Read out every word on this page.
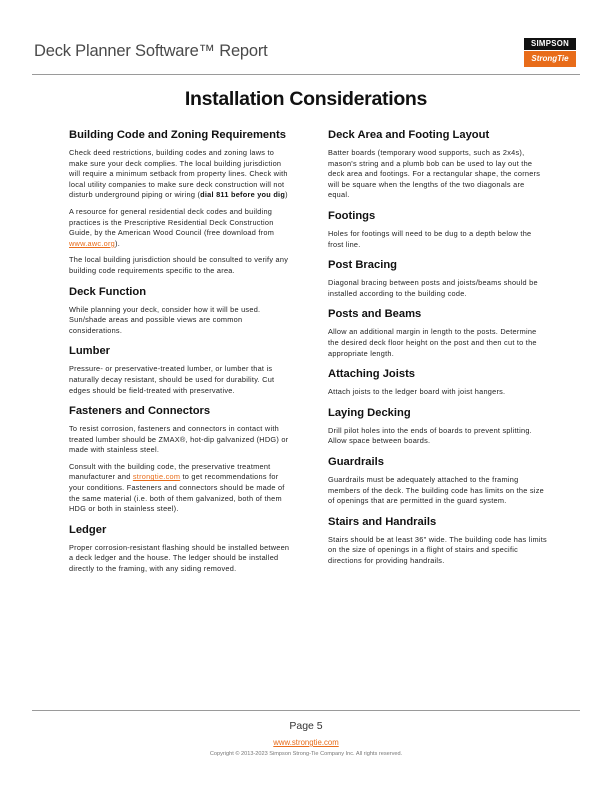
Deck Planner Software™ Report	SIMPSON
StrongTie
Installation Considerations
Building Code and Zoning Requirements

Check deed restrictions, building codes and zoning laws to make sure your deck complies. The local building jurisdiction will require a minimum setback from property lines. Check with local utility companies to make sure deck construction will not disturb underground piping or wiring (dial 811 before you dig)

A resource for general residential deck codes and building practices is the Prescriptive Residential Deck Construction Guide, by the American Wood Council (free download from www.awc.org).

The local building jurisdiction should be consulted to verify any building code requirements specific to the area.

Deck Function

While planning your deck, consider how it will be used. Sun/shade areas and possible views are common considerations.

Lumber

Pressure- or preservative-treated lumber, or lumber that is naturally decay resistant, should be used for durability. Cut edges should be field-treated with preservative.

Fasteners and Connectors

To resist corrosion, fasteners and connectors in contact with treated lumber should be ZMAX®, hot-dip galvanized (HDG) or made with stainless steel.

Consult with the building code, the preservative treatment manufacturer and strongtie.com to get recommendations for your conditions. Fasteners and connectors should be made of the same material (i.e. both of them galvanized, both of them HDG or both in stainless steel).

Ledger

Proper corrosion-resistant flashing should be installed between a deck ledger and the house. The ledger should be installed directly to the framing, with any siding removed.

Deck Area and Footing Layout

Batter boards (temporary wood supports, such as 2x4s), mason's string and a plumb bob can be used to lay out the deck area and footings. For a rectangular shape, the corners will be square when the lengths of the two diagonals are equal.

Footings

Holes for footings will need to be dug to a depth below the frost line.

Post Bracing

Diagonal bracing between posts and joists/beams should be installed according to the building code.

Posts and Beams

Allow an additional margin in length to the posts. Determine the desired deck floor height on the post and then cut to the appropriate length.

Attaching Joists

Attach joists to the ledger board with joist hangers.

Laying Decking

Drill pilot holes into the ends of boards to prevent splitting. Allow space between boards.

Guardrails

Guardrails must be adequately attached to the framing members of the deck. The building code has limits on the size of openings that are permitted in the guard system.

Stairs and Handrails

Stairs should be at least 36" wide. The building code has limits on the size of openings in a flight of stairs and specific directions for providing handrails.

Page 5
www.strongtie.com
Copyright © 2013-2023 Simpson Strong-Tie Company Inc. All rights reserved.
